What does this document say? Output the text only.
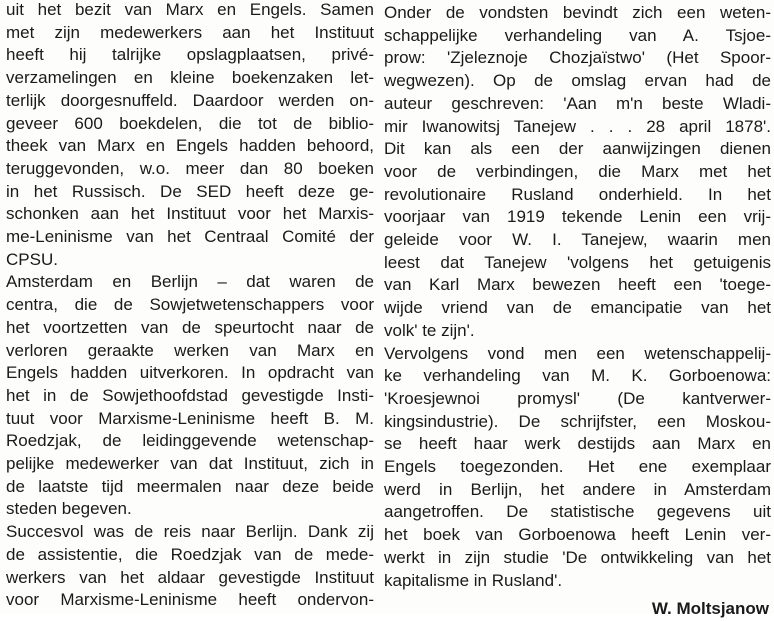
uit het bezit van Marx en Engels. Samen
met zijn medewerkers aan het Instituut
heeft hij talrijke opslagplaatsen, privé-
verzamelingen en kleine boekenzaken let-
terlijk doorgesnuffeld. Daardoor werden on-
geveer 600 boekdelen, die tot de biblio-
theek van Marx en Engels hadden behoord,
teruggevonden, w.o. meer dan 80 boeken
in het Russisch. De SED heeft deze ge-
schonken aan het Instituut voor het Marxis-
me-Leninisme van het Centraal Comité der
CPSU.
Amsterdam en Berlijn – dat waren de
centra, die de Sowjetwetenschappers voor
het voortzetten van de speurtocht naar de
verloren geraakte werken van Marx en
Engels hadden uitverkoren. In opdracht van
het in de Sowjethoofdstad gevestigde Insti-
tuut voor Marxisme-Leninisme heeft B. M.
Roedzjak, de leidinggevende wetenschap-
pelijke medewerker van dat Instituut, zich in
de laatste tijd meermalen naar deze beide
steden begeven.
Succesvol was de reis naar Berlijn. Dank zij
de assistentie, die Roedzjak van de mede-
werkers van het aldaar gevestigde Instituut
voor Marxisme-Leninisme heeft ondervon-
Onder de vondsten bevindt zich een weten-
schappelijke verhandeling van A. Tsjoe-
prow: 'Zjeleznoje Chozjaïstwo' (Het Spoor-
wegwezen). Op de omslag ervan had de
auteur geschreven: 'Aan m'n beste Wladi-
mir Iwanowitsj Tanejew . . . 28 april 1878'.
Dit kan als een der aanwijzingen dienen
voor de verbindingen, die Marx met het
revolutionaire Rusland onderhield. In het
voorjaar van 1919 tekende Lenin een vrij-
geleide voor W. I. Tanejew, waarin men
leest dat Tanejew 'volgens het getuigenis
van Karl Marx bewezen heeft een 'toege-
wijde vriend van de emancipatie van het
volk' te zijn'.
Vervolgens vond men een wetenschappelij-
ke verhandeling van M. K. Gorboenowa:
'Kroesjewnoi promysl' (De kantverwer-
kingsindustrie). De schrijfster, een Moskou-
se heeft haar werk destijds aan Marx en
Engels toegezonden. Het ene exemplaar
werd in Berlijn, het andere in Amsterdam
aangetroffen. De statistische gegevens uit
het boek van Gorboenowa heeft Lenin ver-
werkt in zijn studie 'De ontwikkeling van het
kapitalisme in Rusland'.
W. Moltsjanow
